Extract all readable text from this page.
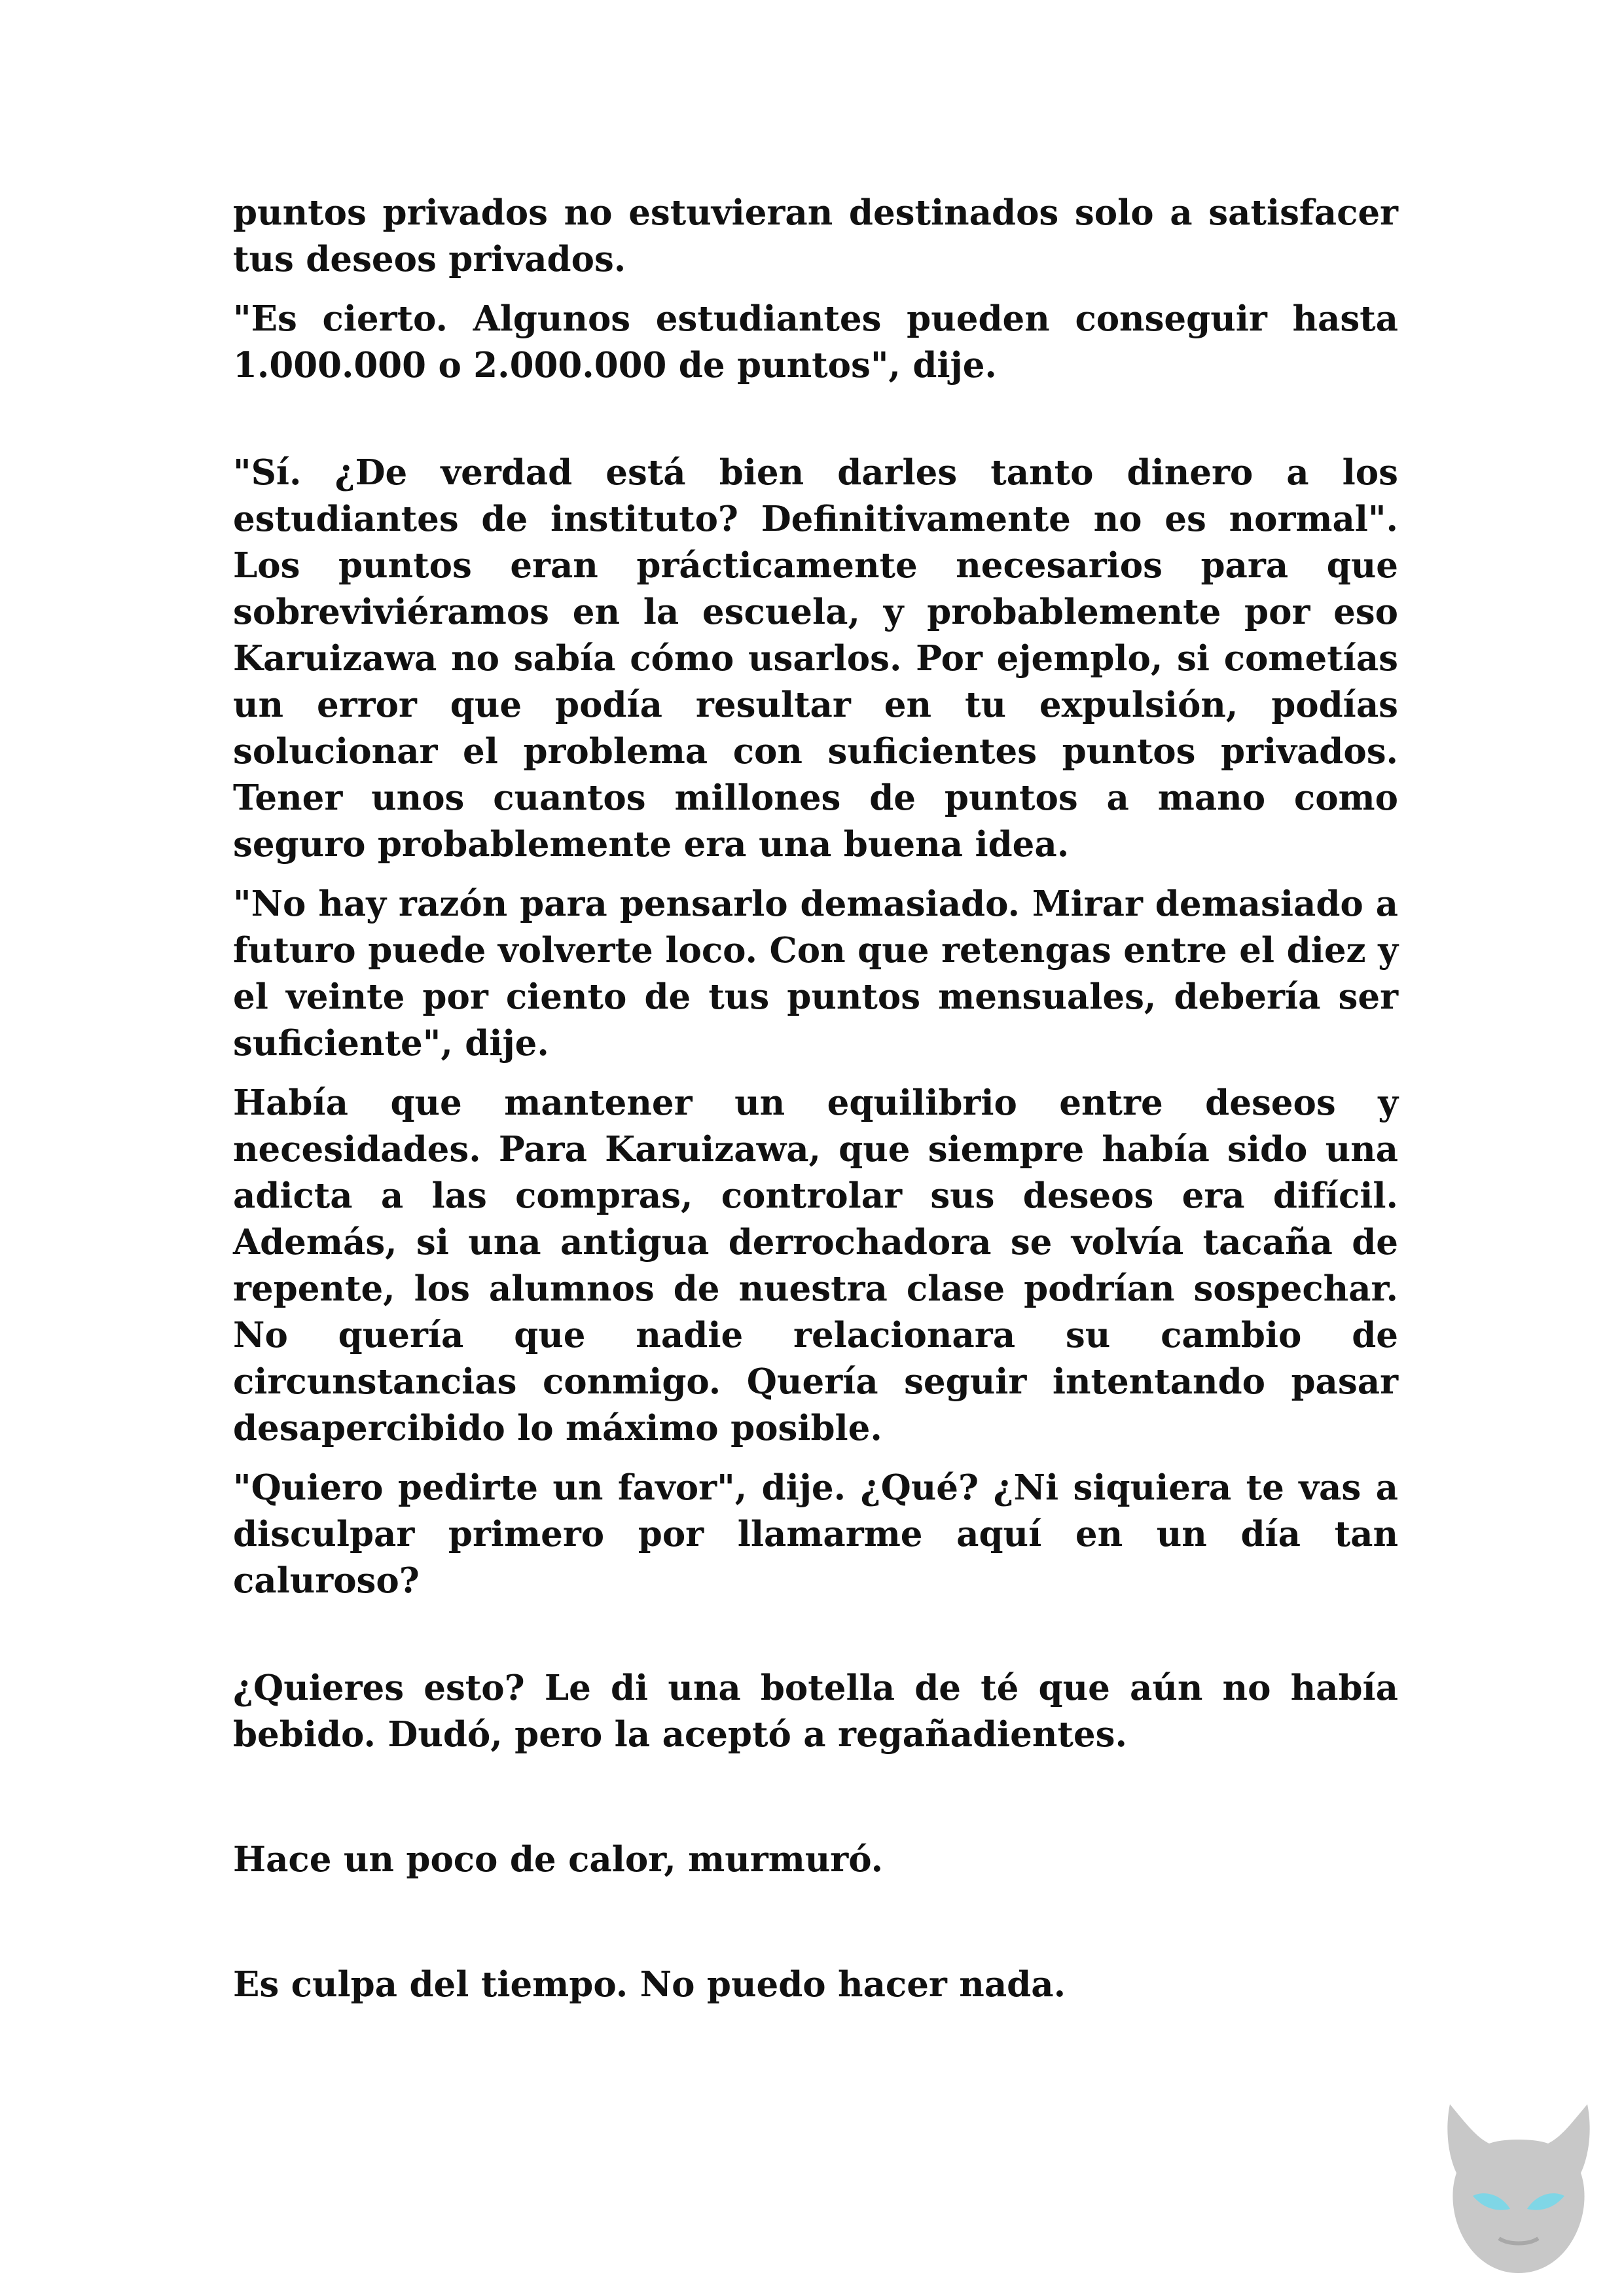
puntos privados no estuvieran destinados solo a satisfacer tus deseos privados.

"Es cierto. Algunos estudiantes pueden conseguir hasta 1.000.000 o 2.000.000 de puntos", dije.

"Sí. ¿De verdad está bien darles tanto dinero a los estudiantes de instituto? Definitivamente no es normal". Los puntos eran prácticamente necesarios para que sobreviviéramos en la escuela, y probablemente por eso Karuizawa no sabía cómo usarlos. Por ejemplo, si cometías un error que podía resultar en tu expulsión, podías solucionar el problema con suficientes puntos privados. Tener unos cuantos millones de puntos a mano como seguro probablemente era una buena idea.

"No hay razón para pensarlo demasiado. Mirar demasiado a futuro puede volverte loco. Con que retengas entre el diez y el veinte por ciento de tus puntos mensuales, debería ser suficiente", dije.

Había que mantener un equilibrio entre deseos y necesidades. Para Karuizawa, que siempre había sido una adicta a las compras, controlar sus deseos era difícil. Además, si una antigua derrochadora se volvía tacaña de repente, los alumnos de nuestra clase podrían sospechar. No quería que nadie relacionara su cambio de circunstancias conmigo. Quería seguir intentando pasar desapercibido lo máximo posible.

"Quiero pedirte un favor", dije. ¿Qué? ¿Ni siquiera te vas a disculpar primero por llamarme aquí en un día tan caluroso?

¿Quieres esto? Le di una botella de té que aún no había bebido. Dudó, pero la aceptó a regañadientes.

Hace un poco de calor, murmuró.

Es culpa del tiempo. No puedo hacer nada.
